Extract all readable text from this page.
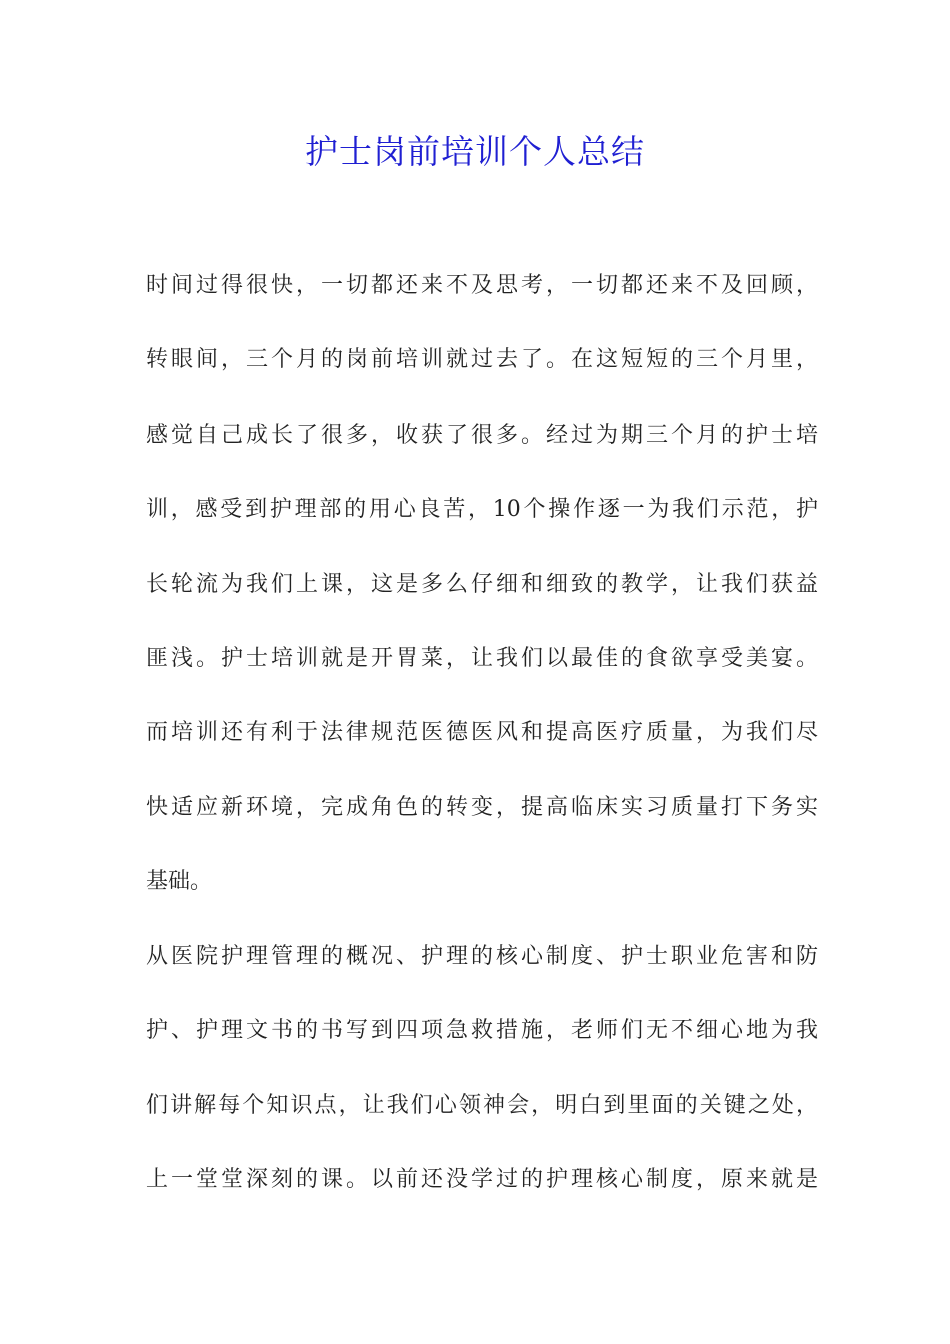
护士岗前培训个人总结

时间过得很快，一切都还来不及思考，一切都还来不及回顾，

转眼间，三个月的岗前培训就过去了。在这短短的三个月里，

感觉自己成长了很多，收获了很多。经过为期三个月的护士培

训，感受到护理部的用心良苦，10个操作逐一为我们示范，护

长轮流为我们上课，这是多么仔细和细致的教学，让我们获益

匪浅。护士培训就是开胃菜，让我们以最佳的食欲享受美宴。

而培训还有利于法律规范医德医风和提高医疗质量，为我们尽

快适应新环境，完成角色的转变，提高临床实习质量打下务实

基础。

从医院护理管理的概况、护理的核心制度、护士职业危害和防

护、护理文书的书写到四项急救措施，老师们无不细心地为我

们讲解每个知识点，让我们心领神会，明白到里面的关键之处，

上一堂堂深刻的课。以前还没学过的护理核心制度，原来就是
